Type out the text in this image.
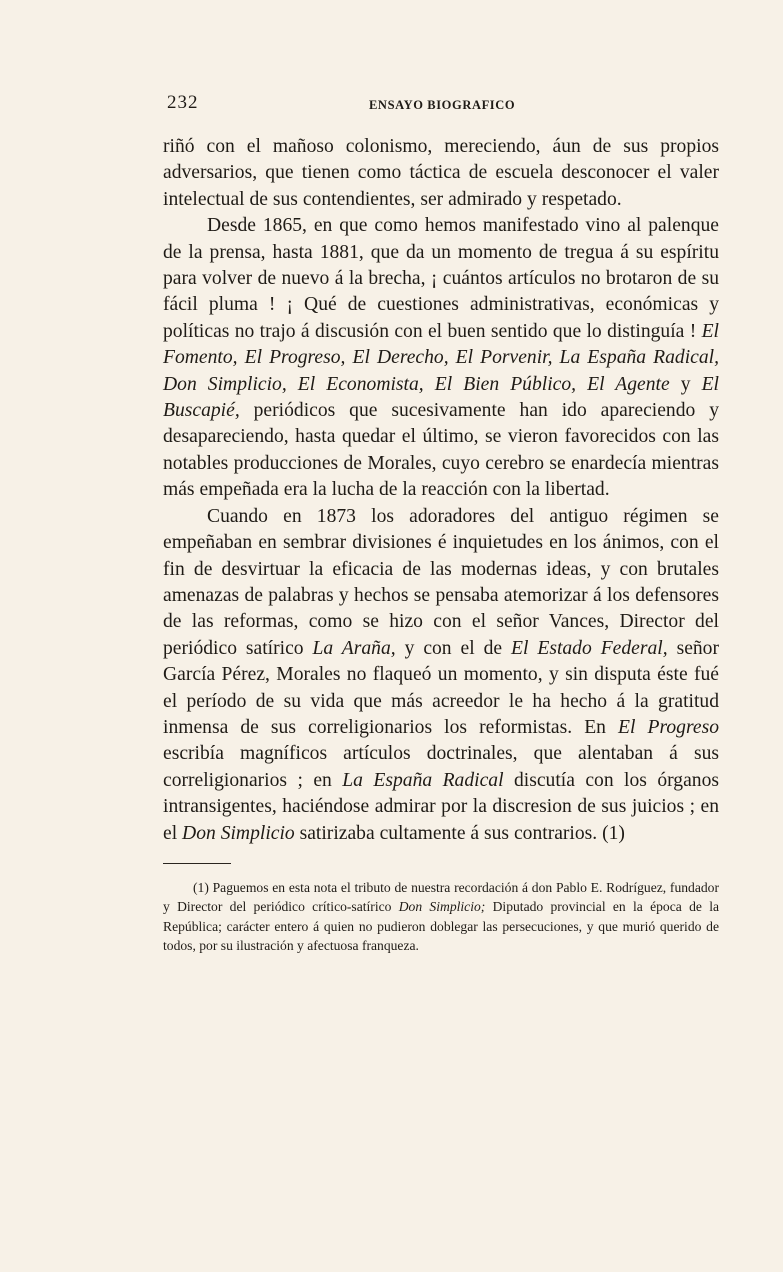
232	ENSAYO BIOGRAFICO

riñó con el mañoso colonismo, mereciendo, áun de sus propios adversarios, que tienen como táctica de escuela desconocer el valer intelectual de sus contendientes, ser admirado y respetado.

Desde 1865, en que como hemos manifestado vino al palenque de la prensa, hasta 1881, que da un momento de tregua á su espíritu para volver de nuevo á la brecha, ¡ cuántos artículos no brotaron de su fácil pluma ! ¡ Qué de cuestiones administrativas, económicas y políticas no trajo á discusión con el buen sentido que lo distinguía ! El Fomento, El Progreso, El Derecho, El Porvenir, La España Radical, Don Simplicio, El Economista, El Bien Público, El Agente y El Buscapié, periódicos que sucesivamente han ido apareciendo y desapareciendo, hasta quedar el último, se vieron favorecidos con las notables producciones de Morales, cuyo cerebro se enardecía mientras más empeñada era la lucha de la reacción con la libertad.

Cuando en 1873 los adoradores del antiguo régimen se empeñaban en sembrar divisiones é inquietudes en los ánimos, con el fin de desvirtuar la eficacia de las modernas ideas, y con brutales amenazas de palabras y hechos se pensaba atemorizar á los defensores de las reformas, como se hizo con el señor Vances, Director del periódico satírico La Araña, y con el de El Estado Federal, señor García Pérez, Morales no flaqueó un momento, y sin disputa éste fué el período de su vida que más acreedor le ha hecho á la gratitud inmensa de sus correligionarios los reformistas. En El Progreso escribía magníficos artículos doctrinales, que alentaban á sus correligionarios ; en La España Radical discutía con los órganos intransigentes, haciéndose admirar por la discresion de sus juicios ; en el Don Simplicio satirizaba cultamente á sus contrarios. (1)

(1) Paguemos en esta nota el tributo de nuestra recordación á don Pablo E. Rodríguez, fundador y Director del periódico crítico-satírico Don Simplicio; Diputado provincial en la época de la República; carácter entero á quien no pudieron doblegar las persecuciones, y que murió querido de todos, por su ilustración y afectuosa franqueza.
